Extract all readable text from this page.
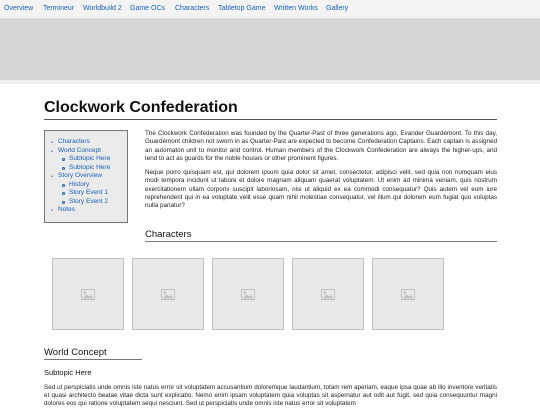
Overview Termineur Worldbuild 2 Game OCs Characters Tabletop Game Written Works Gallery
Clockwork Confederation
• Characters
• World Concept
Subtopic Here
Subtopic Here
• Story Overview
History
Story Event 1
Story Event 2
• Notes

The Clockwork Confederation was founded by the Quarter-Past of three generations ago, Evander Guardémont. To this day, Guardémont children not sworn in as Quarter-Past are expected to become Confederation Captains. Each captain is assigned an automaton unit to monitor and control. Human members of the Clockwork Confederation are always the higher-ups, and tend to act as guards for the noble houses or other prominent figures.

Neque porro quisquam est, qui dolorem ipsum quia dolor sit amet, consectetur, adipisci velit, sed quia non numquam eius modi tempora incidunt ut labore et dolore magnam aliquam quaerat voluptatem. Ut enim ad minima veniam, quis nostrum exercitationem ullam corporis suscipit laboriosam, nisi ut aliquid ex ea commodi consequatur? Quis autem vel eum iure reprehenderit qui in ea voluptate velit esse quam nihil molestiae consequatur, vel illum qui dolorem eum fugiat quo voluptas nulla pariatur?

Characters
World Concept
Subtopic Here

Sed ut perspiciatis unde omnis iste natus error sit voluptatem accusantium doloremque laudantium, totam rem aperiam, eaque ipsa quae ab illo inventore veritatis et quasi architecto beatae vitae dicta sunt explicabo. Nemo enim ipsam voluptatem quia voluptas sit aspernatur aut odit aut fugit, sed quia consequuntur magni dolores eos qui ratione voluptatem sequi nesciunt. Sed ut perspiciatis unde omnis iste natus error sit voluptatem
